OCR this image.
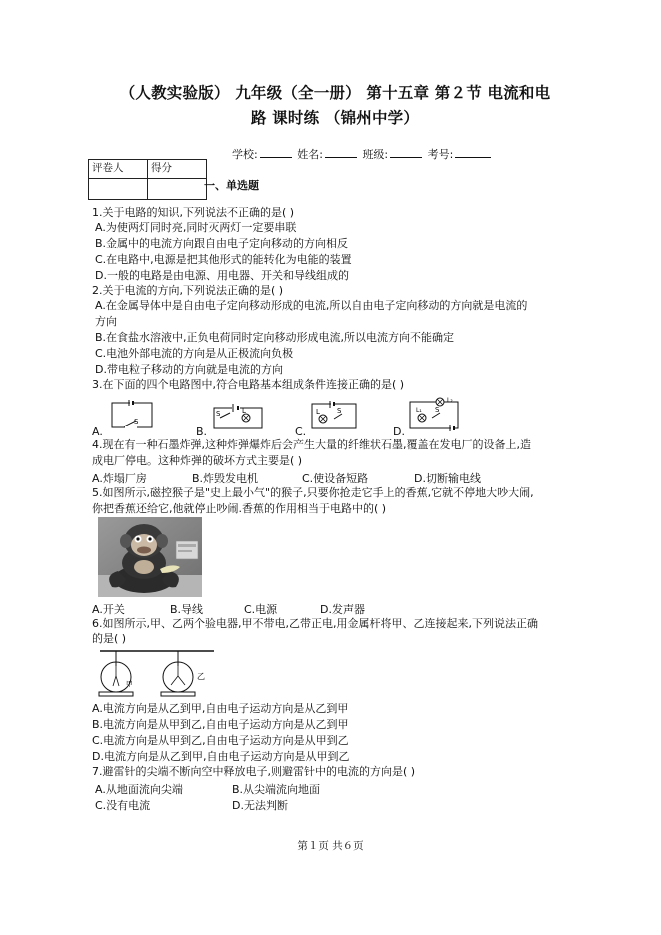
（人教实验版） 九年级（全一册） 第十五章 第２节 电流和电
路 课时练 （锦州中学）
学校:	姓名:	班级:	考号:
评卷人	得分

一、单选题
1.关于电路的知识,下列说法不正确的是( )
A.为使两灯同时亮,同时灭两灯一定要串联
B.金属中的电流方向跟自由电子定向移动的方向相反
C.在电路中,电源是把其他形式的能转化为电能的装置
D.一般的电路是由电源、用电器、开关和导线组成的
2.关于电流的方向,下列说法正确的是( )
A.在金属导体中是自由电子定向移动形成的电流,所以自由电子定向移动的方向就是电流的
方向
B.在食盐水溶液中,正负电荷同时定向移动形成电流,所以电流方向不能确定
C.电池外部电流的方向是从正极流向负极
D.带电粒子移动的方向就是电流的方向
3.在下面的四个电路图中,符合电路基本组成条件连接正确的是( )
A.	B.	C.	D.
S
S	L	L S
L₂
L₁ S
4.现在有一种石墨炸弹,这种炸弹爆炸后会产生大量的纤维状石墨,覆盖在发电厂的设备上,造
成电厂停电。这种炸弹的破坏方式主要是( )
A.炸塌厂房	B.炸毁发电机	C.使设备短路	D.切断输电线
5.如图所示,磁控猴子是"史上最小气"的猴子,只要你抢走它手上的香蕉,它就不停地大吵大闹,
你把香蕉还给它,他就停止吵闹.香蕉的作用相当于电路中的( )
A.开关	B.导线	C.电源	D.发声器
6.如图所示,甲、乙两个验电器,甲不带电,乙带正电,用金属杆将甲、乙连接起来,下列说法正确
的是( )
甲
乙
A.电流方向是从乙到甲,自由电子运动方向是从乙到甲
B.电流方向是从甲到乙,自由电子运动方向是从乙到甲
C.电流方向是从甲到乙,自由电子运动方向是从甲到乙
D.电流方向是从乙到甲,自由电子运动方向是从甲到乙
7.避雷针的尖端不断向空中释放电子,则避雷针中的电流的方向是( )
A.从地面流向尖端	B.从尖端流向地面
C.没有电流	D.无法判断
第１页 共６页
